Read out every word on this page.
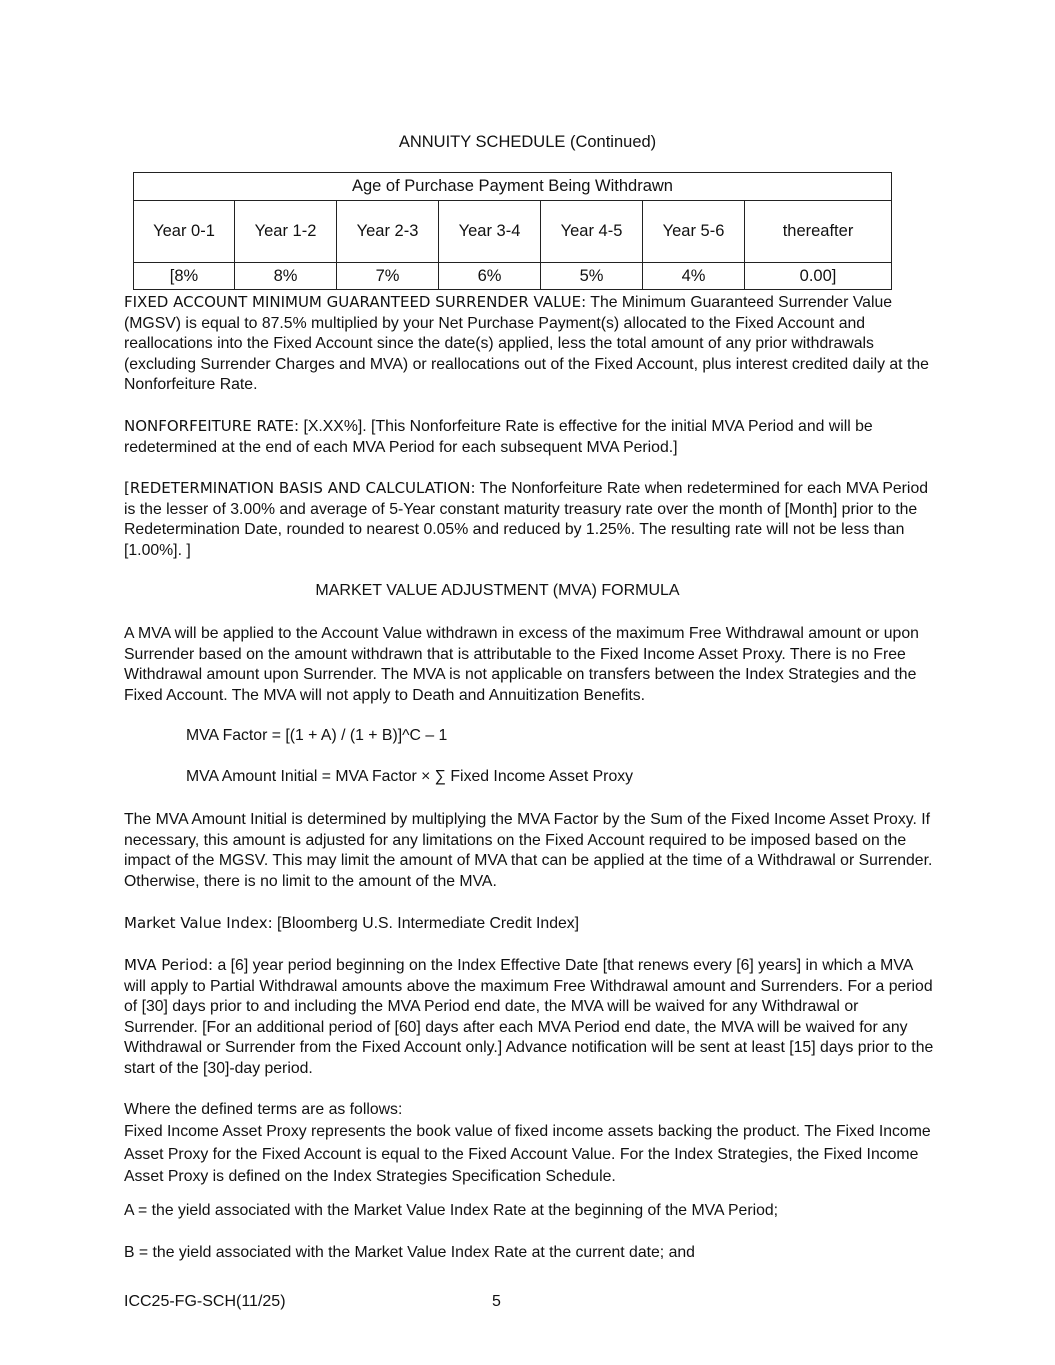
ANNUITY SCHEDULE (Continued)
Age of Purchase Payment Being Withdrawn						
Year 0-1	Year 1-2	Year 2-3	Year 3-4	Year 4-5	Year 5-6	thereafter
[8%	8%	7%	6%	5%	4%	0.00]

FIXED ACCOUNT MINIMUM GUARANTEED SURRENDER VALUE: The Minimum Guaranteed Surrender Value (MGSV) is equal to 87.5% multiplied by your Net Purchase Payment(s) allocated to the Fixed Account and reallocations into the Fixed Account since the date(s) applied, less the total amount of any prior withdrawals (excluding Surrender Charges and MVA) or reallocations out of the Fixed Account, plus interest credited daily at the Nonforfeiture Rate.

NONFORFEITURE RATE: [X.XX%]. [This Nonforfeiture Rate is effective for the initial MVA Period and will be redetermined at the end of each MVA Period for each subsequent MVA Period.]

[REDETERMINATION BASIS AND CALCULATION: The Nonforfeiture Rate when redetermined for each MVA Period is the lesser of 3.00% and average of 5-Year constant maturity treasury rate over the month of [Month] prior to the Redetermination Date, rounded to nearest 0.05% and reduced by 1.25%. The resulting rate will not be less than [1.00%]. ]

MARKET VALUE ADJUSTMENT (MVA) FORMULA

A MVA will be applied to the Account Value withdrawn in excess of the maximum Free Withdrawal amount or upon Surrender based on the amount withdrawn that is attributable to the Fixed Income Asset Proxy. There is no Free Withdrawal amount upon Surrender. The MVA is not applicable on transfers between the Index Strategies and the Fixed Account. The MVA will not apply to Death and Annuitization Benefits.

MVA Factor = [(1 + A) / (1 + B)]^C – 1
MVA Amount Initial = MVA Factor × ∑ Fixed Income Asset Proxy

The MVA Amount Initial is determined by multiplying the MVA Factor by the Sum of the Fixed Income Asset Proxy. If necessary, this amount is adjusted for any limitations on the Fixed Account required to be imposed based on the impact of the MGSV. This may limit the amount of MVA that can be applied at the time of a Withdrawal or Surrender. Otherwise, there is no limit to the amount of the MVA.

Market Value Index: [Bloomberg U.S. Intermediate Credit Index]

MVA Period: a [6] year period beginning on the Index Effective Date [that renews every [6] years] in which a MVA will apply to Partial Withdrawal amounts above the maximum Free Withdrawal amount and Surrenders. For a period of [30] days prior to and including the MVA Period end date, the MVA will be waived for any Withdrawal or Surrender. [For an additional period of [60] days after each MVA Period end date, the MVA will be waived for any Withdrawal or Surrender from the Fixed Account only.] Advance notification will be sent at least [15] days prior to the start of the [30]-day period.

Where the defined terms are as follows:

Fixed Income Asset Proxy represents the book value of fixed income assets backing the product. The Fixed Income Asset Proxy for the Fixed Account is equal to the Fixed Account Value. For the Index Strategies, the Fixed Income Asset Proxy is defined on the Index Strategies Specification Schedule.

A = the yield associated with the Market Value Index Rate at the beginning of the MVA Period;
B = the yield associated with the Market Value Index Rate at the current date; and
ICC25-FG-SCH(11/25)	5
